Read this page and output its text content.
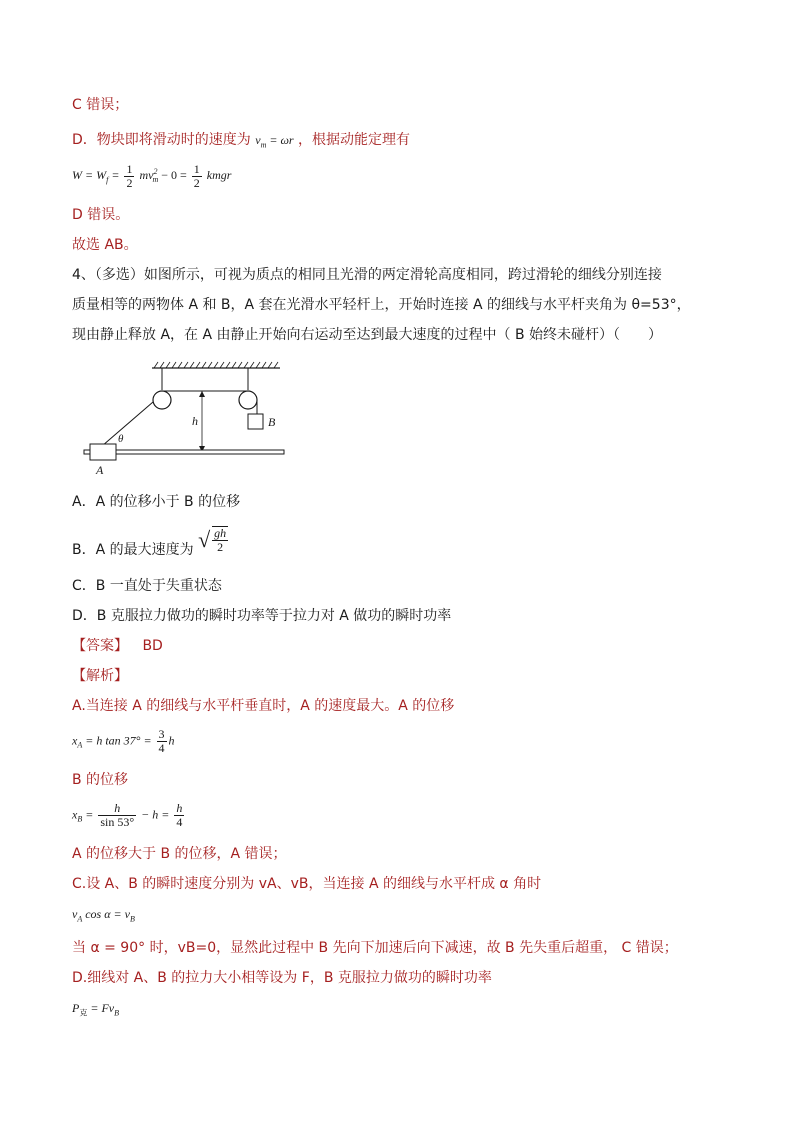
C 错误；
D．物块即将滑动时的速度为 $v_m = \omega r$ ，根据动能定理有
$W = W_f = \frac{1}{2} mv^2_m - 0 = \frac{1}{2}$ kmgr
D 错误。
故选 AB。
4、（多选）如图所示，可视为质点的相同且光滑的两定滑轮高度相同，跨过滑轮的细线分别连接
质量相等的两物体 A 和 B，A 套在光滑水平轻杆上，开始时连接 A 的细线与水平杆夹角为 θ=53°，
现由静止释放 A，在 A 由静止开始向右运动至达到最大速度的过程中（ B 始终未碰杆）（　　）
B
h
θ
A
A．A 的位移小于 B 的位移
B．A 的最大速度为 √ $\frac{gh}{2}$
C．B 一直处于失重状态
D．B 克服拉力做功的瞬时功率等于拉力对 A 做功的瞬时功率
【答案】 BD
【解析】
A.当连接 A 的细线与水平杆垂直时，A 的速度最大。A 的位移
$x_A = h$ $\tan 37^\circ = \frac{3}{4}$ h
B 的位移
$x_B = \frac{h}{\sin 53^\circ} - h = \frac{h}{4}$
A 的位移大于 B 的位移，A 错误；
C.设 A、B 的瞬时速度分别为 vA、vB，当连接 A 的细线与水平杆成 α 角时
$v_A$ $\cos \alpha = v_B$
当 α = 90° 时，vB=0，显然此过程中 B 先向下加速后向下减速，故 B 先失重后超重， C 错误；
D.细线对 A、B 的拉力大小相等设为 F，B 克服拉力做功的瞬时功率
$P_克 = Fv_B$
